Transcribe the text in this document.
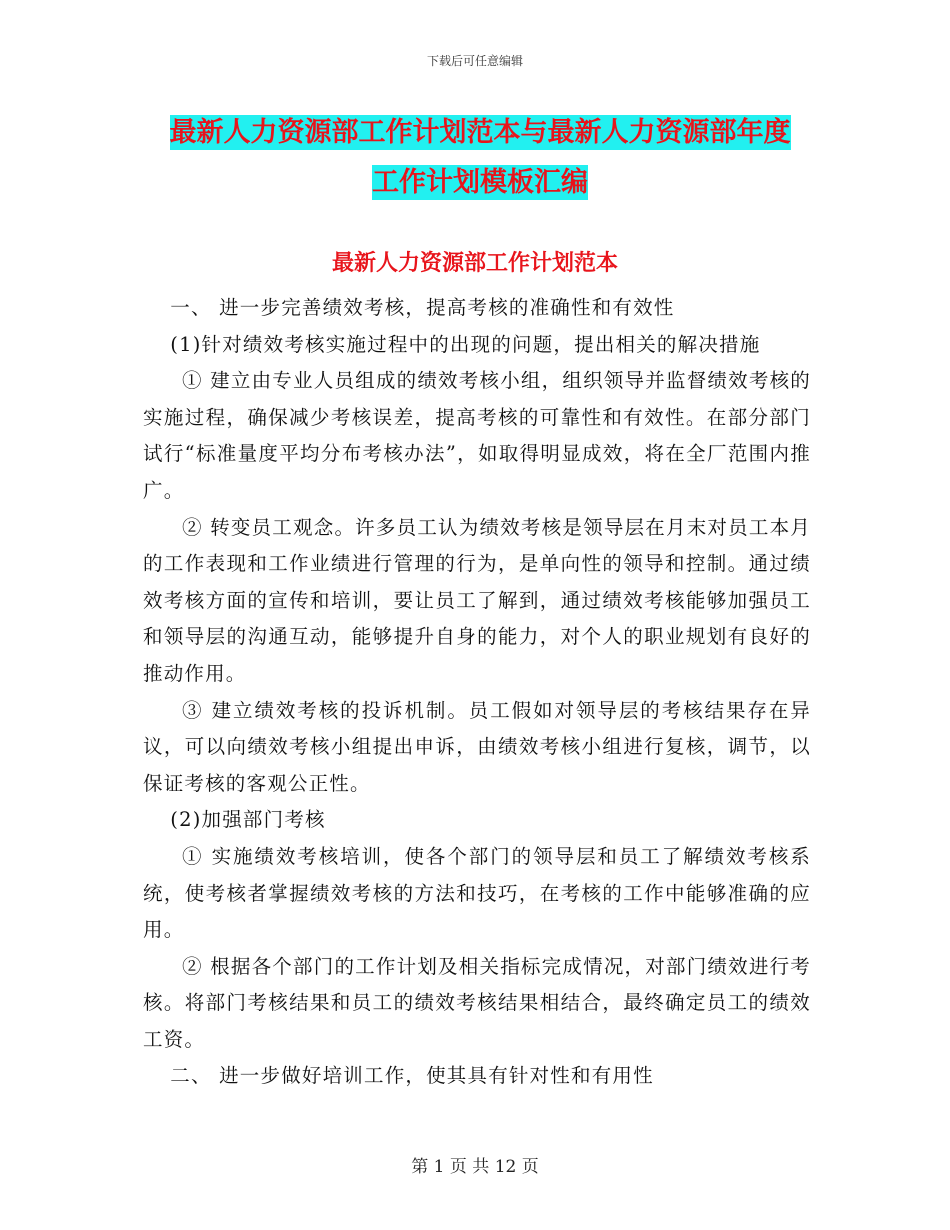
下载后可任意编辑
最新人力资源部工作计划范本与最新人力资源部年度
工作计划模板汇编
最新人力资源部工作计划范本

一、 进一步完善绩效考核，提高考核的准确性和有效性

(1)针对绩效考核实施过程中的出现的问题，提出相关的解决措施

① 建立由专业人员组成的绩效考核小组，组织领导并监督绩效考核的实施过程，确保减少考核误差，提高考核的可靠性和有效性。在部分部门试行“标准量度平均分布考核办法”，如取得明显成效，将在全厂范围内推广。

② 转变员工观念。许多员工认为绩效考核是领导层在月末对员工本月的工作表现和工作业绩进行管理的行为，是单向性的领导和控制。通过绩效考核方面的宣传和培训，要让员工了解到，通过绩效考核能够加强员工和领导层的沟通互动，能够提升自身的能力，对个人的职业规划有良好的推动作用。

③ 建立绩效考核的投诉机制。员工假如对领导层的考核结果存在异议，可以向绩效考核小组提出申诉，由绩效考核小组进行复核，调节，以保证考核的客观公正性。

(2)加强部门考核

① 实施绩效考核培训，使各个部门的领导层和员工了解绩效考核系统，使考核者掌握绩效考核的方法和技巧，在考核的工作中能够准确的应用。

② 根据各个部门的工作计划及相关指标完成情况，对部门绩效进行考核。将部门考核结果和员工的绩效考核结果相结合，最终确定员工的绩效工资。

二、 进一步做好培训工作，使其具有针对性和有用性

第 1 页 共 12 页
